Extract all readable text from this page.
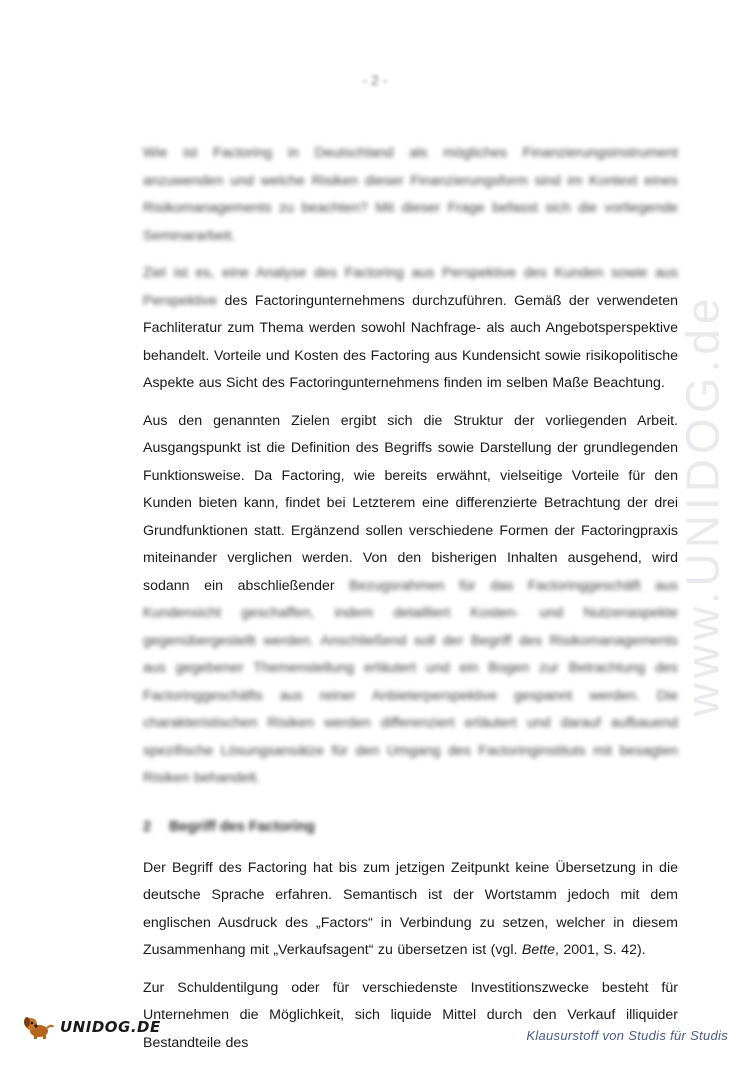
- 2 -
www.UNIDOG.de

Wie ist Factoring in Deutschland als mögliches Finanzierungsinstrument anzuwenden und welche Risiken dieser Finanzierungsform sind im Kontext eines Risikomanagements zu beachten? Mit dieser Frage befasst sich die vorliegende Seminararbeit.

Ziel ist es, eine Analyse des Factoring aus Perspektive des Kunden sowie aus Perspektive des Factoringunternehmens durchzuführen. Gemäß der verwendeten Fachliteratur zum Thema werden sowohl Nachfrage- als auch Angebotsperspektive behandelt. Vorteile und Kosten des Factoring aus Kundensicht sowie risikopolitische Aspekte aus Sicht des Factoringunternehmens finden im selben Maße Beachtung.

Aus den genannten Zielen ergibt sich die Struktur der vorliegenden Arbeit. Ausgangspunkt ist die Definition des Begriffs sowie Darstellung der grundlegenden Funktionsweise. Da Factoring, wie bereits erwähnt, vielseitige Vorteile für den Kunden bieten kann, findet bei Letzterem eine differenzierte Betrachtung der drei Grundfunktionen statt. Ergänzend sollen verschiedene Formen der Factoringpraxis miteinander verglichen werden. Von den bisherigen Inhalten ausgehend, wird sodann ein abschließender Bezugsrahmen für das Factoringgeschäft aus Kundensicht geschaffen, indem detailliert Kosten- und Nutzenaspekte gegenübergestellt werden. Anschließend soll der Begriff des Risikomanagements aus gegebener Themenstellung erläutert und ein Bogen zur Betrachtung des Factoringgeschäfts aus reiner Anbieterperspektive gespannt werden. Die charakteristischen Risiken werden differenziert erläutert und darauf aufbauend spezifische Lösungsansätze für den Umgang des Factoringinstituts mit besagten Risiken behandelt.

2 Begriff des Factoring

Der Begriff des Factoring hat bis zum jetzigen Zeitpunkt keine Übersetzung in die deutsche Sprache erfahren. Semantisch ist der Wortstamm jedoch mit dem englischen Ausdruck des „Factors“ in Verbindung zu setzen, welcher in diesem Zusammenhang mit „Verkaufsagent“ zu übersetzen ist (vgl. Bette, 2001, S. 42).

Zur Schuldentilgung oder für verschiedenste Investitionszwecke besteht für Unternehmen die Möglichkeit, sich liquide Mittel durch den Verkauf illiquider Bestandteile des

UNIDOG.DE	Klausurstoff von Studis für Studis
